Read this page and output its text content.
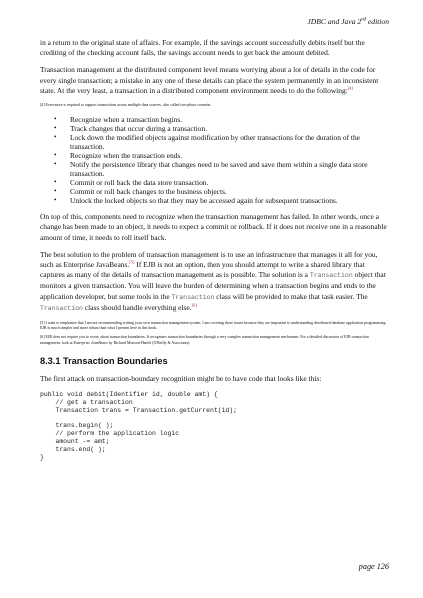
JDBC and Java 2nd edition

in a return to the original state of affairs. For example, if the savings account successfully debits itself but the crediting of the checking account fails, the savings account needs to get back the amount debited.

Transaction management at the distributed component level means worrying about a lot of details in the code for every single transaction; a mistake in any one of these details can place the system permanently in an inconsistent state. At the very least, a transaction in a distributed component environment needs to do the following:[4]

[4] Even more is required to support transactions across multiple data sources, also called two-phase commits.

• Recognize when a transaction begins.
• Track changes that occur during a transaction.
• Lock down the modified objects against modification by other transactions for the duration of the transaction.
• Recognize when the transaction ends.
• Notify the persistence library that changes need to be saved and save them within a single data store transaction.
• Commit or roll back the data store transaction.
• Commit or roll back changes to the business objects.
• Unlock the locked objects so that they may be accessed again for subsequent transactions.

On top of this, components need to recognize when the transaction management has failed. In other words, once a change has been made to an object, it needs to expect a commit or rollback. If it does not receive one in a reasonable amount of time, it needs to roll itself back.

The best solution to the problem of transaction management is to use an infrastructure that manages it all for you, such as Enterprise JavaBeans.[5] If EJB is not an option, then you should attempt to write a shared library that captures as many of the details of transaction management as is possible. The solution is a Transaction object that monitors a given transaction. You will leave the burden of determining when a transaction begins and ends to the application developer, but some tools in the Transaction class will be provided to make that task easier. The Transaction class should handle everything else.[6]

[5] I want to emphasize that I am not recommending writing your own transaction management system. I am covering these issues because they are important to understanding distributed database application programming. EJB is much simpler and more robust than what I present here in this book.

[6] EJB does not require you to worry about transaction boundaries. It recognizes transaction boundaries through a very complex transaction management mechanism. For a detailed discussion of EJB transaction management, look at Enterprise JavaBeans by Richard Monson-Haefel (O'Reilly & Associates).

8.3.1 Transaction Boundaries

The first attack on transaction-boundary recognition might be to have code that looks like this:

public void debit(Identifier id, double amt) {
// get a transaction
Transaction trans = Transaction.getCurrent(id);

trans.begin( );
// perform the application logic
amount -= amt;
trans.end( );
}
page 126
